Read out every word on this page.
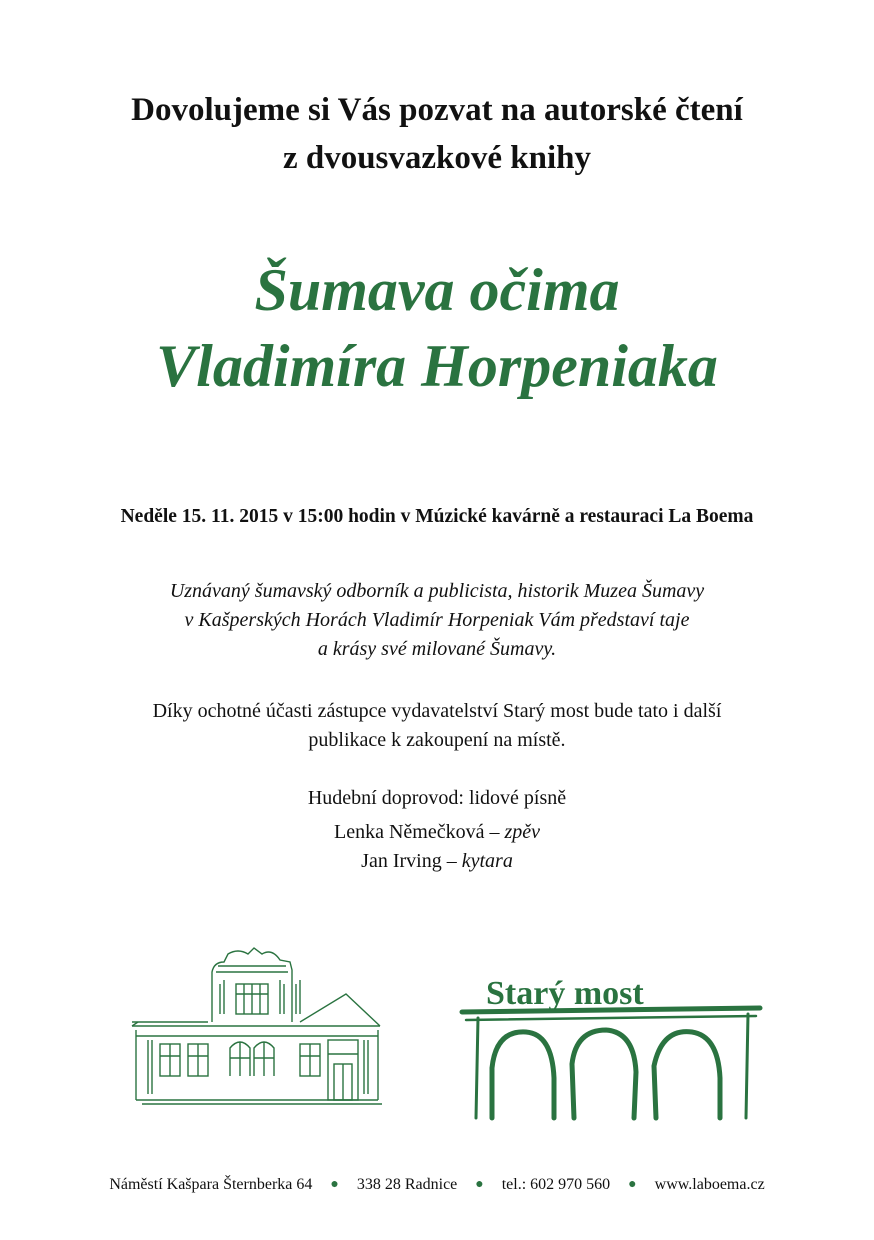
Dovolujeme si Vás pozvat na autorské čtení
z dvousvazkové knihy
Šumava očima
Vladimíra Horpeniaka
Neděle 15. 11. 2015 v 15:00 hodin v Múzické kavárně a restauraci La Boema
Uznávaný šumavský odborník a publicista, historik Muzea Šumavy
v Kašperských Horách Vladimír Horpeniak Vám představí taje
a krásy své milované Šumavy.
Díky ochotné účasti zástupce vydavatelství Starý most bude tato i další
publikace k zakoupení na místě.
Hudební doprovod: lidové písně
Lenka Němečková – zpěv
Jan Irving – kytara
Starý most
Náměstí Kašpara Šternberka 64 ● 338 28 Radnice ● tel.: 602 970 560 ● www.laboema.cz
